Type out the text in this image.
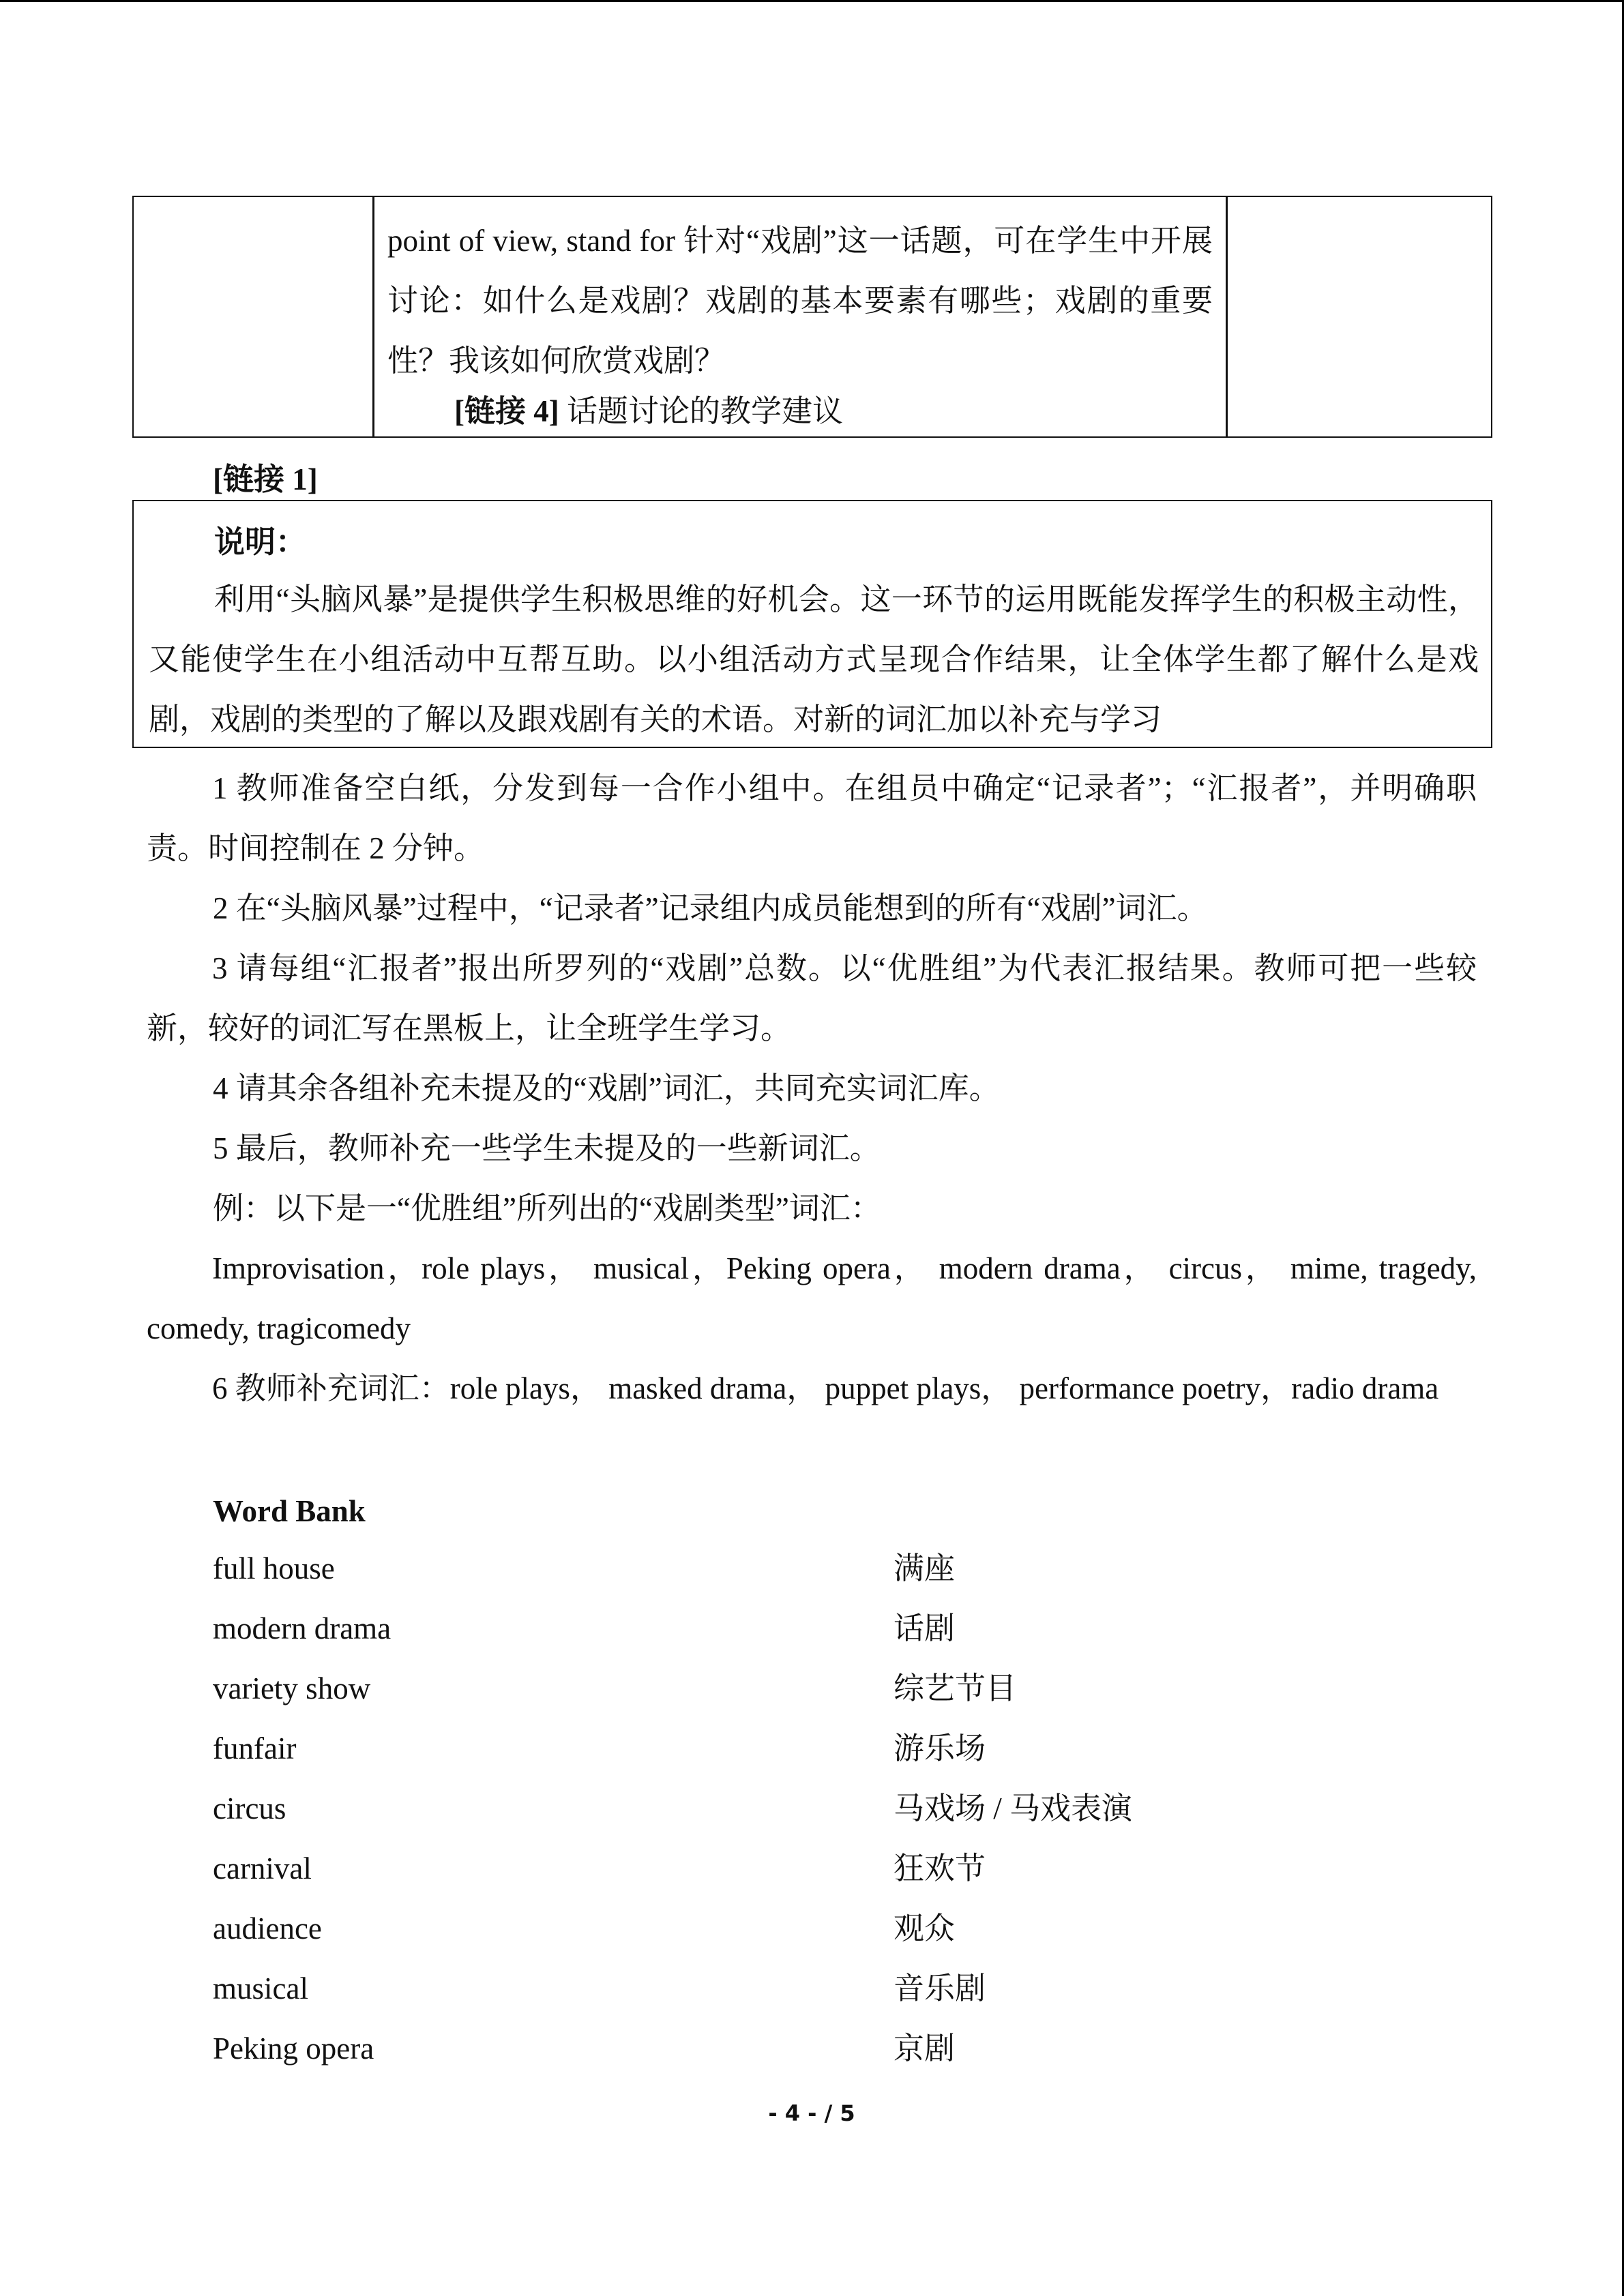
point of view, stand for 针对“戏剧”这一话题，可在学生中开展讨论：如什么是戏剧？戏剧的基本要素有哪些；戏剧的重要性？我该如何欣赏戏剧？
[链接 4] 话题讨论的教学建议
[链接 1]
说明：
利用“头脑风暴”是提供学生积极思维的好机会。这一环节的运用既能发挥学生的积极主动性，又能使学生在小组活动中互帮互助。以小组活动方式呈现合作结果，让全体学生都了解什么是戏剧，戏剧的类型的了解以及跟戏剧有关的术语。对新的词汇加以补充与学习
1 教师准备空白纸，分发到每一合作小组中。在组员中确定“记录者”；“汇报者”，并明确职责。时间控制在 2 分钟。
2 在“头脑风暴”过程中，“记录者”记录组内成员能想到的所有“戏剧”词汇。
3 请每组“汇报者”报出所罗列的“戏剧”总数。以“优胜组”为代表汇报结果。教师可把一些较新，较好的词汇写在黑板上，让全班学生学习。
4 请其余各组补充未提及的“戏剧”词汇，共同充实词汇库。
5 最后，教师补充一些学生未提及的一些新词汇。
例：以下是一“优胜组”所列出的“戏剧类型”词汇：
Improvisation，role plays， musical，Peking opera， modern drama， circus， mime, tragedy, comedy, tragicomedy
6 教师补充词汇：role plays， masked drama， puppet plays， performance poetry，radio drama
Word Bank
full house	满座
modern drama	话剧
variety show	综艺节目
funfair	游乐场
circus	马戏场 / 马戏表演
carnival	狂欢节
audience	观众
musical	音乐剧
Peking opera	京剧
- 4 - / 5
